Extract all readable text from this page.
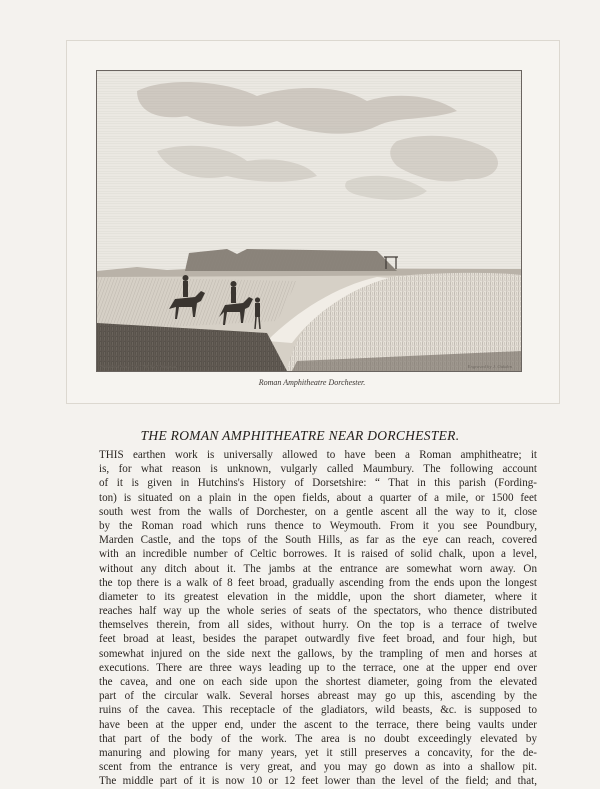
Published Jan.y 1.st 1786 by J. Simpson	Engraved by J. Oakden
Roman Amphitheatre Dorchester.
THE ROMAN AMPHITHEATRE NEAR DORCHESTER.
THIS earthen work is universally allowed to have been a Roman amphitheatre; it
is, for what reason is unknown, vulgarly called Maumbury. The following account
of it is given in Hutchins's History of Dorsetshire: “ That in this parish (Fording-
ton) is situated on a plain in the open fields, about a quarter of a mile, or 1500 feet
south west from the walls of Dorchester, on a gentle ascent all the way to it, close
by the Roman road which runs thence to Weymouth. From it you see Poundbury,
Marden Castle, and the tops of the South Hills, as far as the eye can reach, covered
with an incredible number of Celtic borrowes. It is raised of solid chalk, upon a level,
without any ditch about it. The jambs at the entrance are somewhat worn away. On
the top there is a walk of 8 feet broad, gradually ascending from the ends upon the longest
diameter to its greatest elevation in the middle, upon the short diameter, where it
reaches half way up the whole series of seats of the spectators, who thence distributed
themselves therein, from all sides, without hurry. On the top is a terrace of twelve
feet broad at least, besides the parapet outwardly five feet broad, and four high, but
somewhat injured on the side next the gallows, by the trampling of men and horses at
executions. There are three ways leading up to the terrace, one at the upper end over
the cavea, and one on each side upon the shortest diameter, going from the elevated
part of the circular walk. Several horses abreast may go up this, ascending by the
ruins of the cavea. This receptacle of the gladiators, wild beasts, &c. is supposed to
have been at the upper end, under the ascent to the terrace, there being vaults under
that part of the body of the work. The area is no doubt exceedingly elevated by
manuring and plowing for many years, yet it still preserves a concavity, for the de-
scent from the entrance is very great, and you may go down as into a shallow pit.
The middle part of it is now 10 or 12 feet lower than the level of the field; and that,
